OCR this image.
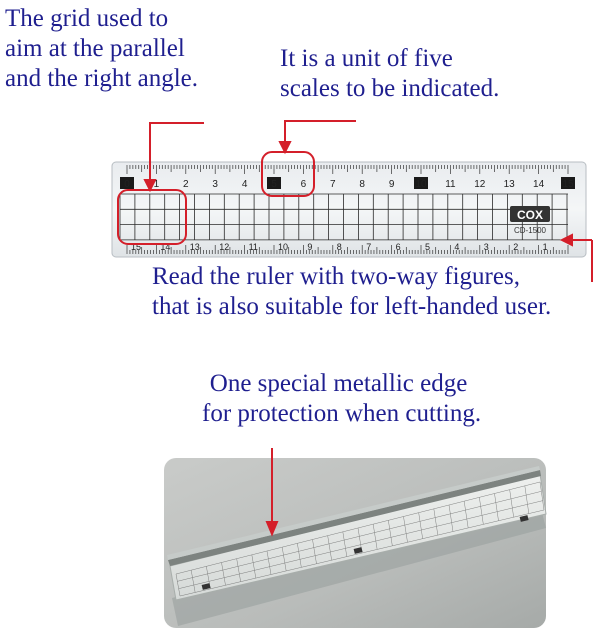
The grid used to
aim at the parallel
and the right angle.
It is a unit of five
scales to be indicated.
Read the ruler with two-way figures,
that is also suitable for left-handed user.
One special metallic edge
for protection when cutting.
0 1 2 3 4 5 6 7 8 9 10 11 12 13 14 15
15 14 13 12 11 10 9	8	7	6	5	4	3	2	1
COX
CD-1500
